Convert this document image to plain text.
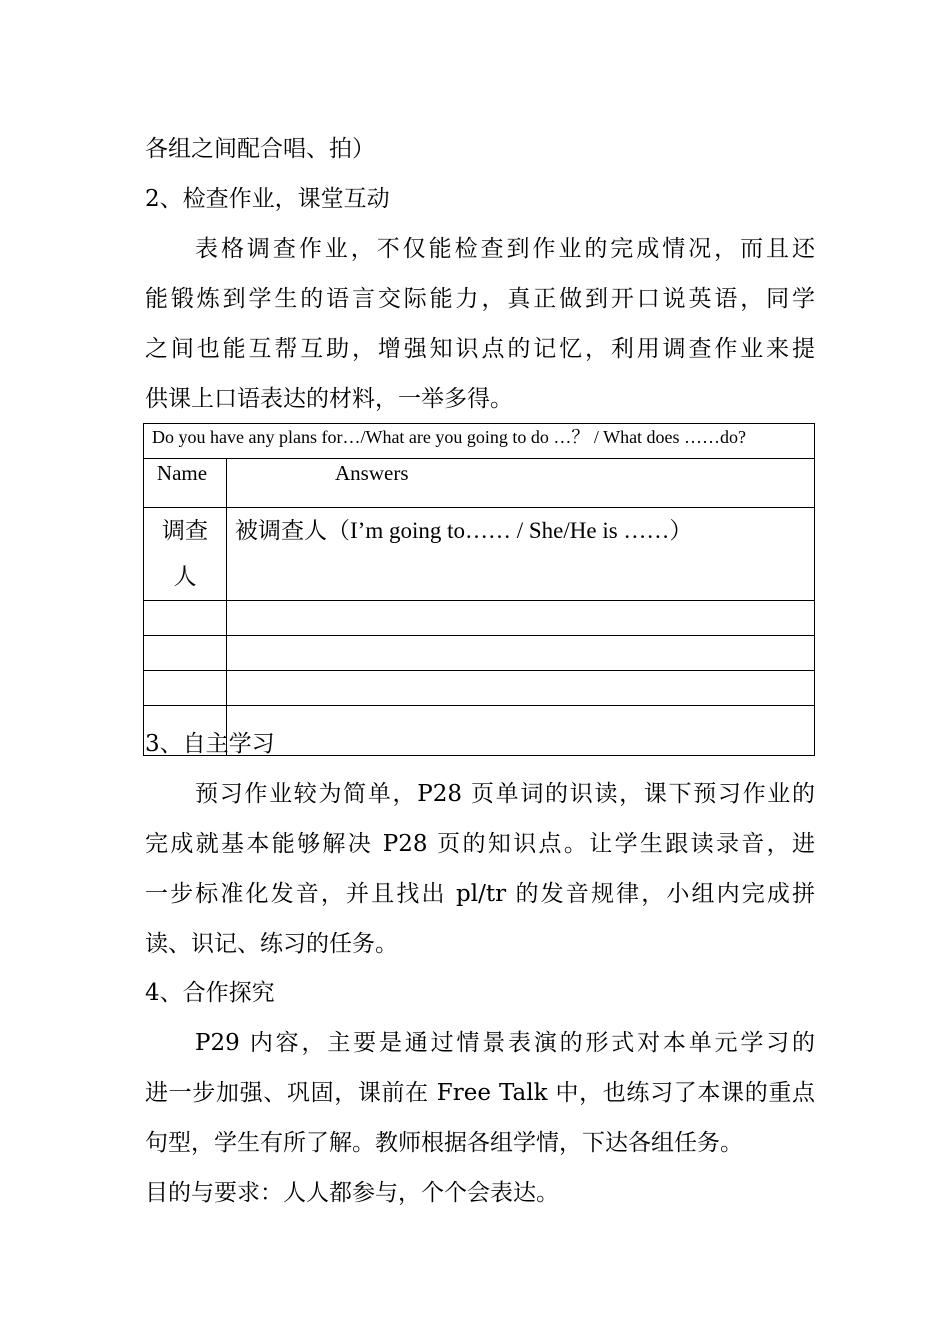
各组之间配合唱、拍）
2、检查作业，课堂互动
表格调查作业，不仅能检查到作业的完成情况，而且还
能锻炼到学生的语言交际能力，真正做到开口说英语，同学
之间也能互帮互助，增强知识点的记忆，利用调查作业来提
供课上口语表达的材料，一举多得。
Do you have any plans for…/What are you going to do …？ / What does ……do?	
Name	Answers
调查人	被调查人（I’m going to…… / She/He is ……）

3、自主学习
预习作业较为简单，P28 页单词的识读，课下预习作业的
完成就基本能够解决 P28 页的知识点。让学生跟读录音，进
一步标准化发音，并且找出 pl/tr 的发音规律，小组内完成拼
读、识记、练习的任务。
4、合作探究
P29 内容，主要是通过情景表演的形式对本单元学习的
进一步加强、巩固，课前在 Free Talk 中，也练习了本课的重点
句型，学生有所了解。教师根据各组学情，下达各组任务。
目的与要求：人人都参与，个个会表达。
